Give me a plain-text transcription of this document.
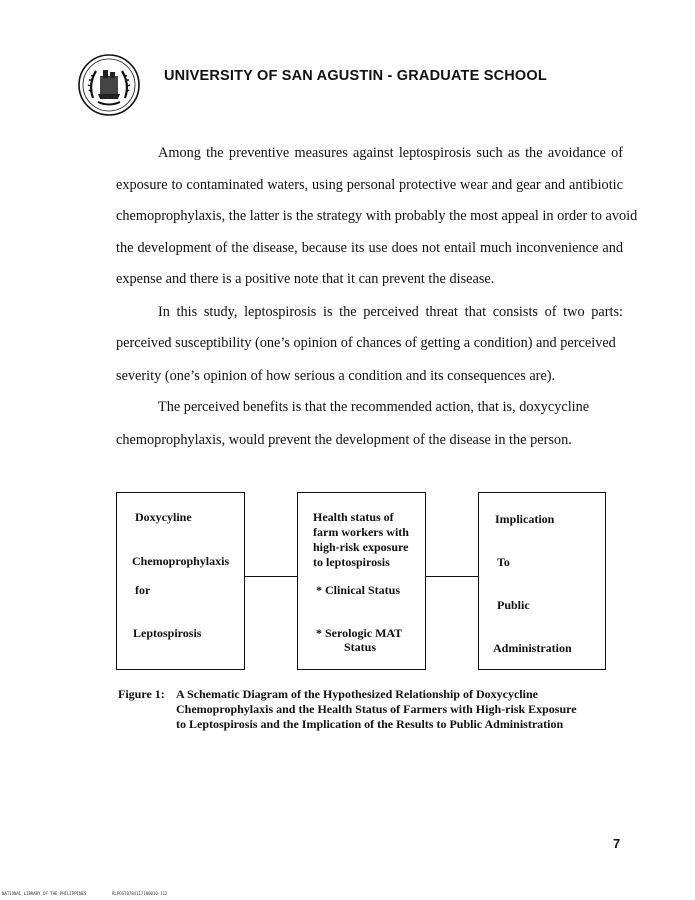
UNIVERSITY OF SAN AGUSTIN - GRADUATE SCHOOL
Among the preventive measures against leptospirosis such as the avoidance of
exposure to contaminated waters, using personal protective wear and gear and antibiotic
chemoprophylaxis, the latter is the strategy with probably the most appeal in order to avoid
the development of the disease, because its use does not entail much inconvenience and
expense and there is a positive note that it can prevent the disease.
In this study, leptospirosis is the perceived threat that consists of two parts:
perceived susceptibility (one’s opinion of chances of getting a condition) and perceived
severity (one’s opinion of how serious a condition and its consequences are).
The perceived benefits is that the recommended action, that is, doxycycline
chemoprophylaxis, would prevent the development of the disease in the person.
Doxycyline
Chemoprophylaxis
for
Leptospirosis
Health status of
farm workers with
high-risk exposure
to leptospirosis
* Clinical Status
* Serologic MAT
Status
Implication
To
Public
Administration
Figure 1: A Schematic Diagram of the Hypothesized Relationship of Doxycycline
Chemoprophylaxis and the Health Status of Farmers with High-risk Exposure
to Leptospirosis and the Implication of the Results to Public Administration
7
NATIONAL LIBRARY OF THE PHILIPPINES	RLPOST0784117100010-112
